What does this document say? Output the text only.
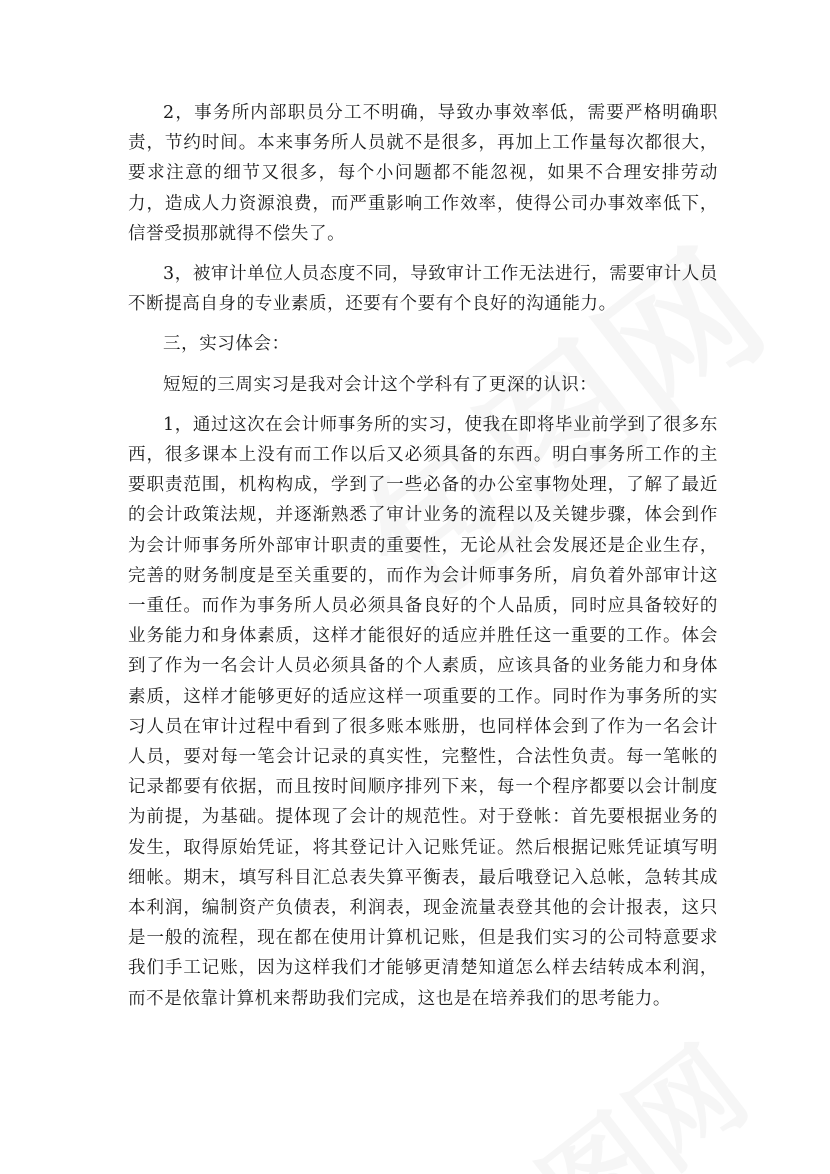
2，事务所内部职员分工不明确，导致办事效率低，需要严格明确职责，节约时间。本来事务所人员就不是很多，再加上工作量每次都很大，要求注意的细节又很多，每个小问题都不能忽视，如果不合理安排劳动力，造成人力资源浪费，而严重影响工作效率，使得公司办事效率低下，信誉受损那就得不偿失了。

3，被审计单位人员态度不同，导致审计工作无法进行，需要审计人员不断提高自身的专业素质，还要有个要有个良好的沟通能力。

三，实习体会：

短短的三周实习是我对会计这个学科有了更深的认识：

1，通过这次在会计师事务所的实习，使我在即将毕业前学到了很多东西，很多课本上没有而工作以后又必须具备的东西。明白事务所工作的主要职责范围，机构构成，学到了一些必备的办公室事物处理，了解了最近的会计政策法规，并逐渐熟悉了审计业务的流程以及关键步骤，体会到作为会计师事务所外部审计职责的重要性，无论从社会发展还是企业生存，完善的财务制度是至关重要的，而作为会计师事务所，肩负着外部审计这一重任。而作为事务所人员必须具备良好的个人品质，同时应具备较好的业务能力和身体素质，这样才能很好的适应并胜任这一重要的工作。体会到了作为一名会计人员必须具备的个人素质，应该具备的业务能力和身体素质，这样才能够更好的适应这样一项重要的工作。同时作为事务所的实习人员在审计过程中看到了很多账本账册，也同样体会到了作为一名会计人员，要对每一笔会计记录的真实性，完整性，合法性负责。每一笔帐的记录都要有依据，而且按时间顺序排列下来，每一个程序都要以会计制度为前提，为基础。提体现了会计的规范性。对于登帐：首先要根据业务的发生，取得原始凭证，将其登记计入记账凭证。然后根据记账凭证填写明细帐。期末，填写科目汇总表失算平衡表，最后哦登记入总帐，急转其成本利润，编制资产负债表，利润表，现金流量表登其他的会计报表，这只是一般的流程，现在都在使用计算机记账，但是我们实习的公司特意要求我们手工记账，因为这样我们才能够更清楚知道怎么样去结转成本利润，而不是依靠计算机来帮助我们完成，这也是在培养我们的思考能力。
